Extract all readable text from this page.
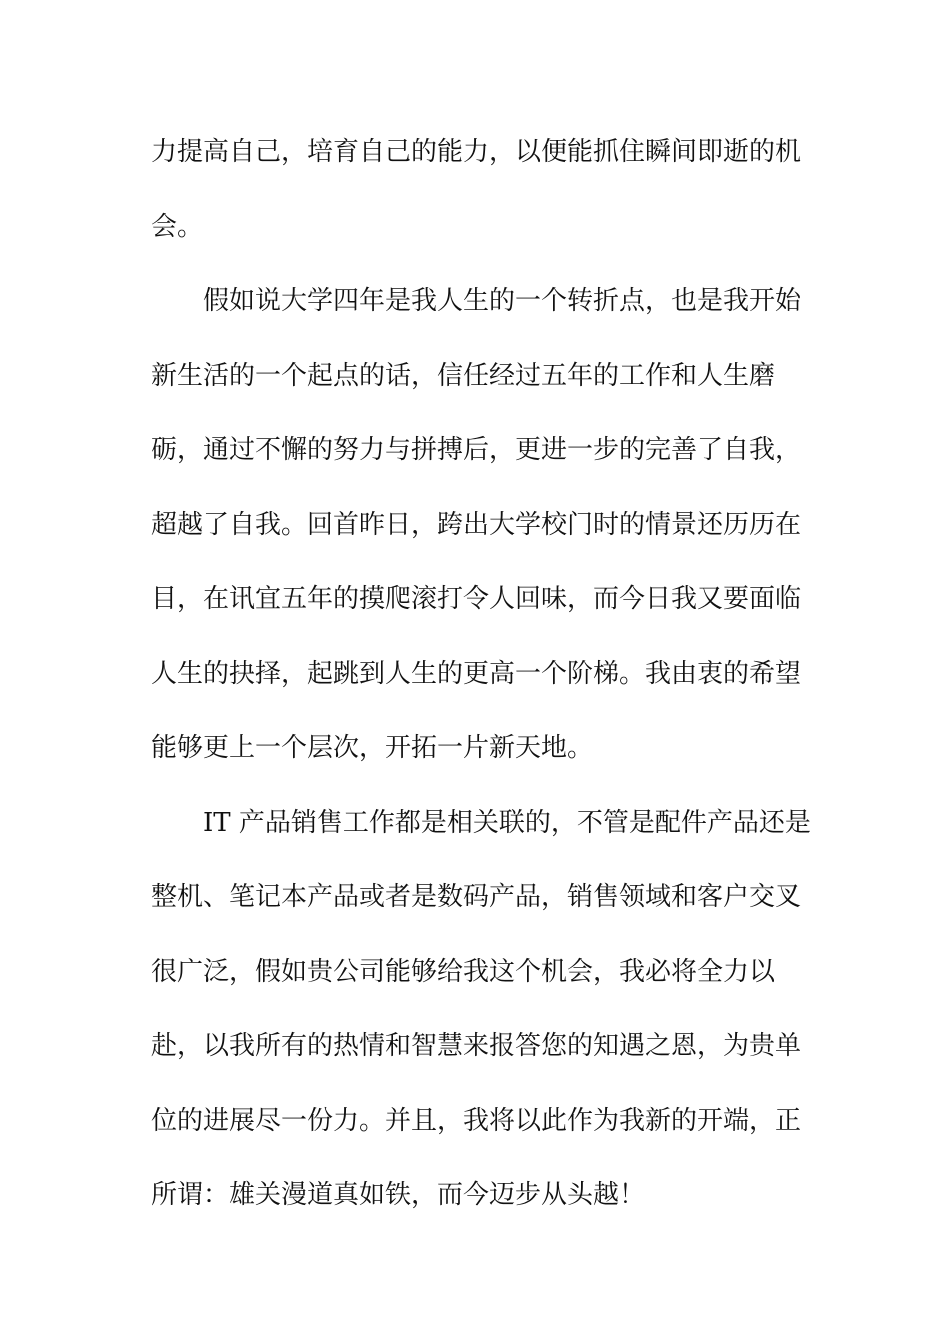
力提高自己，培育自己的能力，以便能抓住瞬间即逝的机
会。
　　假如说大学四年是我人生的一个转折点，也是我开始
新生活的一个起点的话，信任经过五年的工作和人生磨
砺，通过不懈的努力与拼搏后，更进一步的完善了自我，
超越了自我。回首昨日，跨出大学校门时的情景还历历在
目，在讯宜五年的摸爬滚打令人回味，而今日我又要面临
人生的抉择，起跳到人生的更高一个阶梯。我由衷的希望
能够更上一个层次，开拓一片新天地。
　　IT 产品销售工作都是相关联的，不管是配件产品还是
整机、笔记本产品或者是数码产品，销售领域和客户交叉
很广泛，假如贵公司能够给我这个机会，我必将全力以
赴，以我所有的热情和智慧来报答您的知遇之恩，为贵单
位的进展尽一份力。并且，我将以此作为我新的开端，正
所谓：雄关漫道真如铁，而今迈步从头越！
